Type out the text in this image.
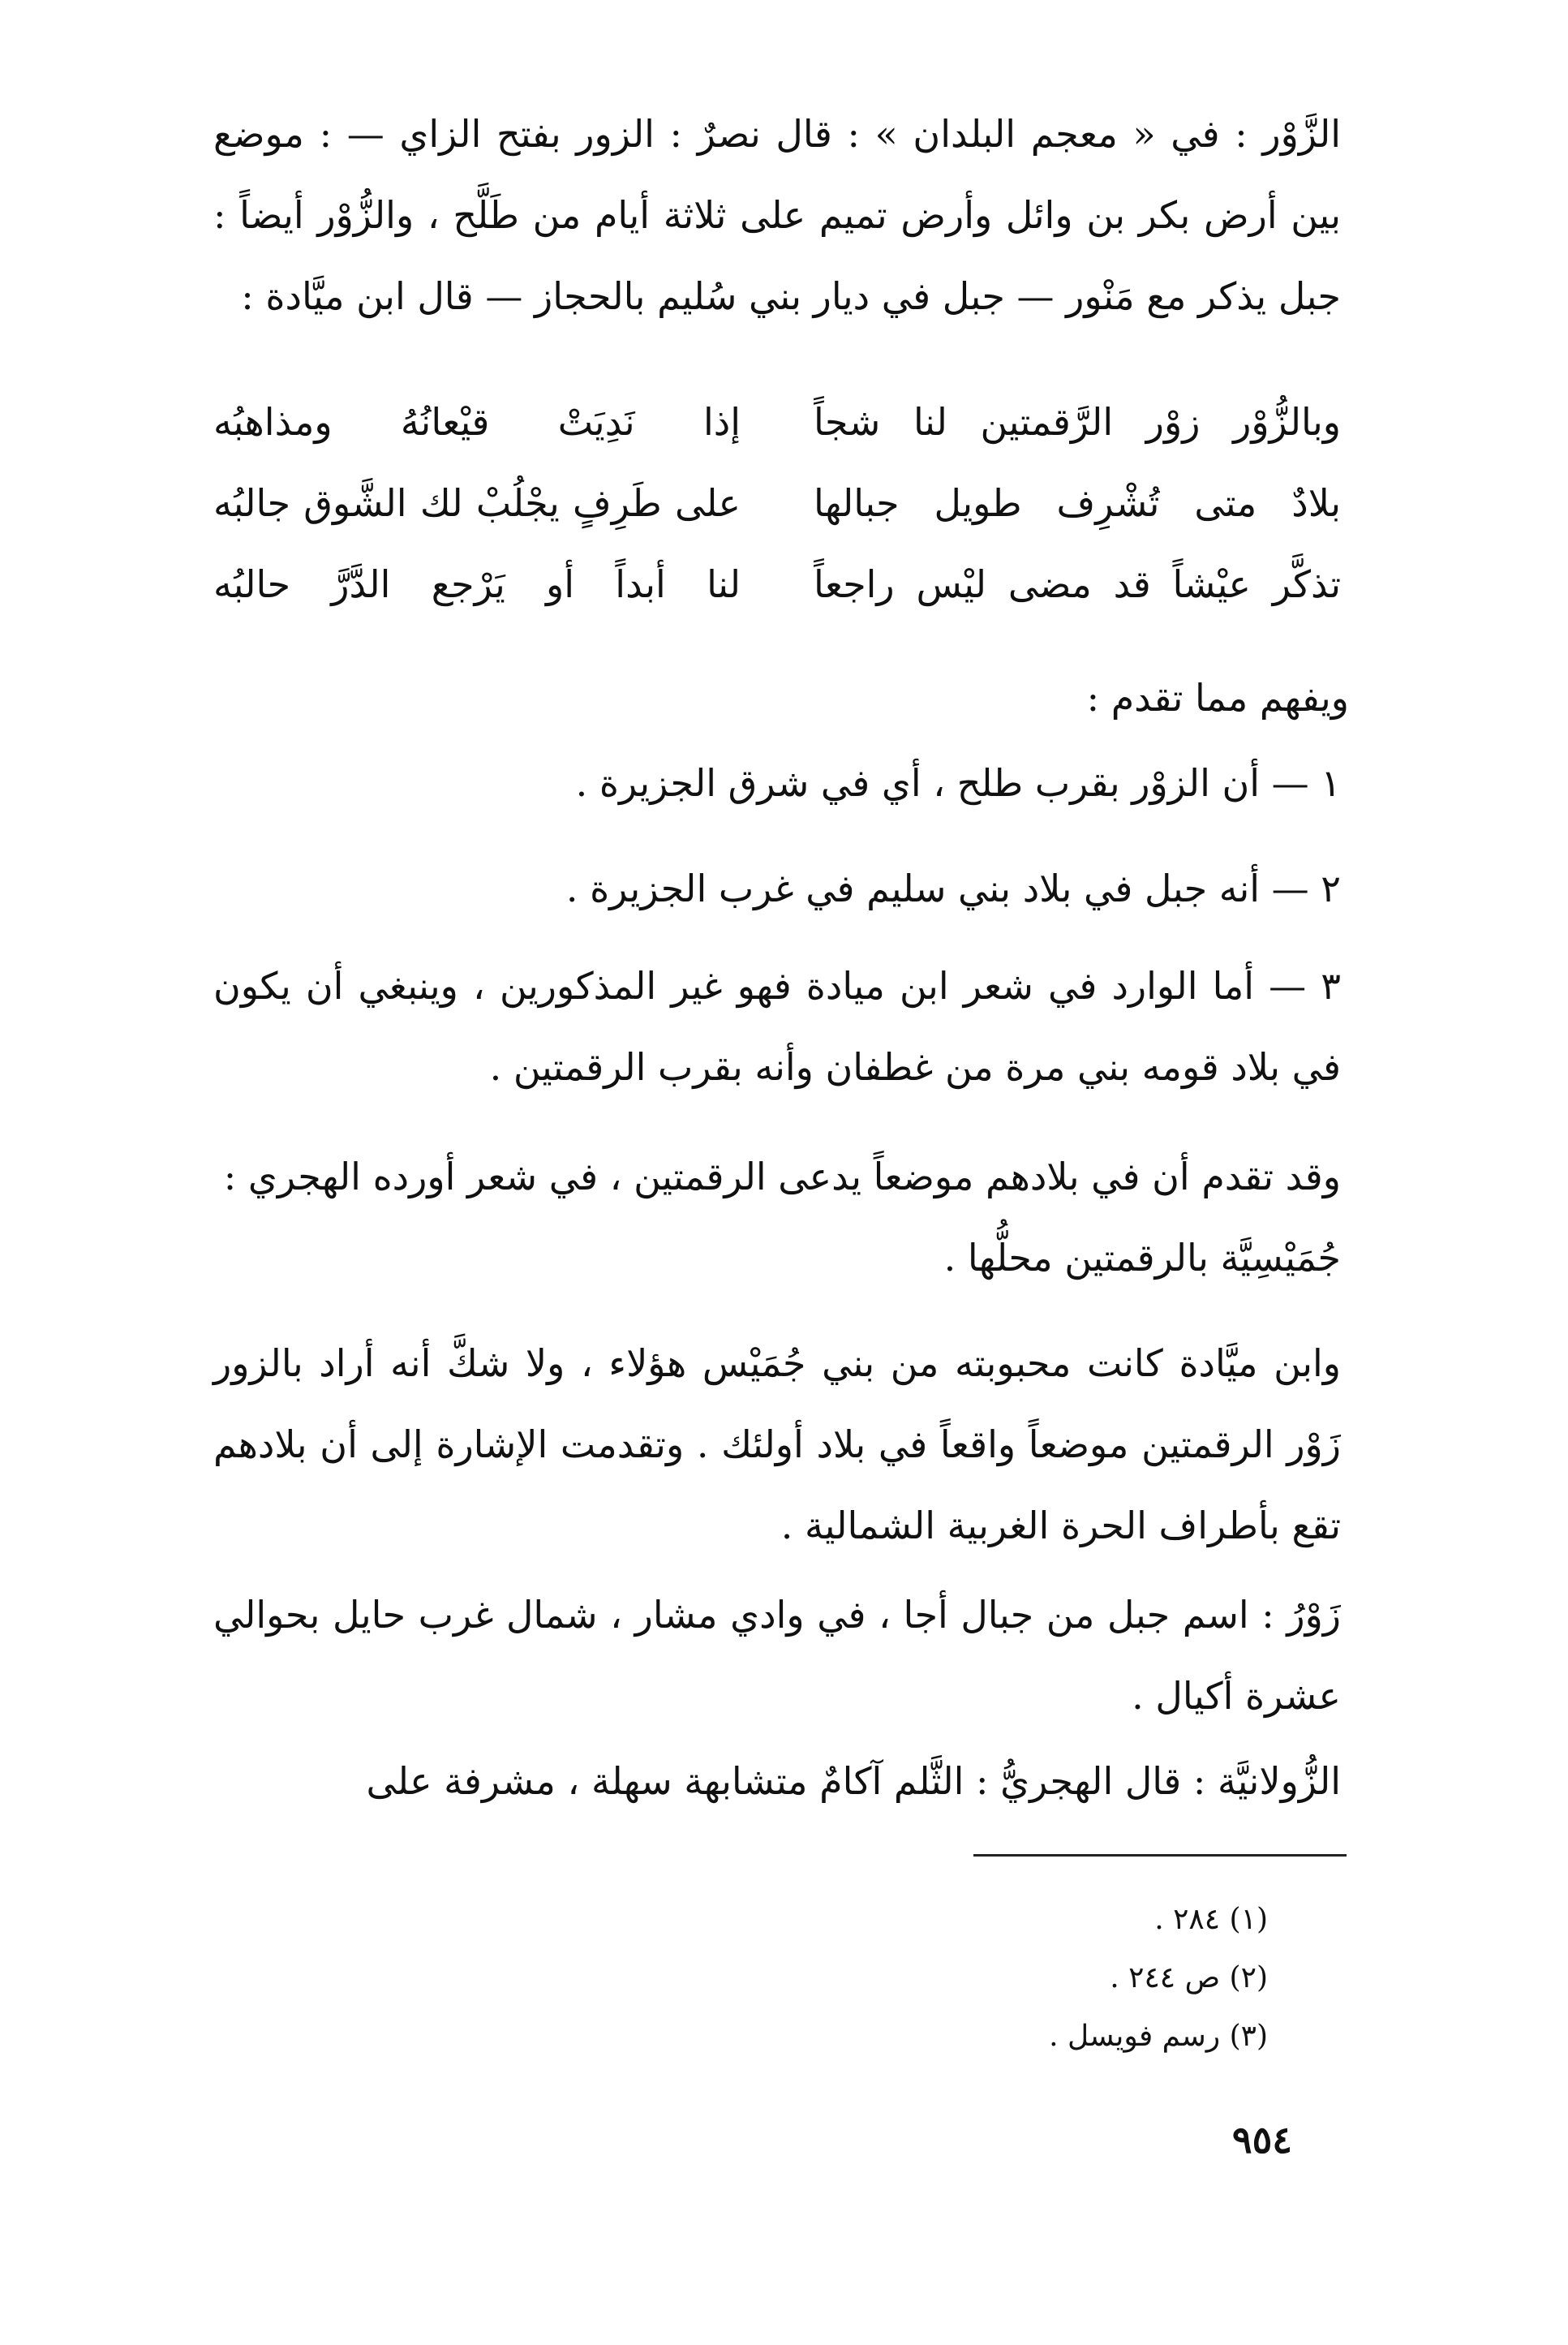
الزَّوْر : في « معجم البلدان » : قال نصرٌ : الزور بفتح الزاي — : موضع بين أرض بكر بن وائل وأرض تميم على ثلاثة أيام من طَلَّح ، والزُّوْر أيضاً : جبل يذكر مع مَنْور — جبل في ديار بني سُليم بالحجاز — قال ابن ميَّادة :

وبالزُّوْر زوْر الرَّقمتين لنا شجاً
إذا نَدِيَتْ قيْعانُهُ ومذاهبُه
بلادٌ متى تُشْرِف طويل جبالها
على طَرِفٍ يجْلُبْ لك الشَّوق جالبُه
تذكَّر عيْشاً قد مضى ليْس راجعاً
لنا أبداً أو يَرْجع الدَّرَّ حالبُه
ويفهم مما تقدم :
١ — أن الزوْر بقرب طلح ، أي في شرق الجزيرة .
٢ — أنه جبل في بلاد بني سليم في غرب الجزيرة .

٣ — أما الوارد في شعر ابن ميادة فهو غير المذكورين ، وينبغي أن يكون في بلاد قومه بني مرة من غطفان وأنه بقرب الرقمتين .

وقد تقدم أن في بلادهم موضعاً يدعى الرقمتين ، في شعر أورده الهجري :

جُمَيْسِيَّة بالرقمتين محلُّها .

وابن ميَّادة كانت محبوبته من بني جُمَيْس هؤلاء ، ولا شكَّ أنه أراد بالزور زَوْر الرقمتين موضعاً واقعاً في بلاد أولئك . وتقدمت الإشارة إلى أن بلادهم تقع بأطراف الحرة الغربية الشمالية .

زَوْرُ : اسم جبل من جبال أجا ، في وادي مشار ، شمال غرب حايل بحوالي عشرة أكيال .

الزُّولانيَّة : قال الهجريُّ : الثَّلم آكامٌ متشابهة سهلة ، مشرفة على

(١) ٢٨٤ .
(٢) ص ٢٤٤ .
(٣) رسم فويسل .
٩٥٤
